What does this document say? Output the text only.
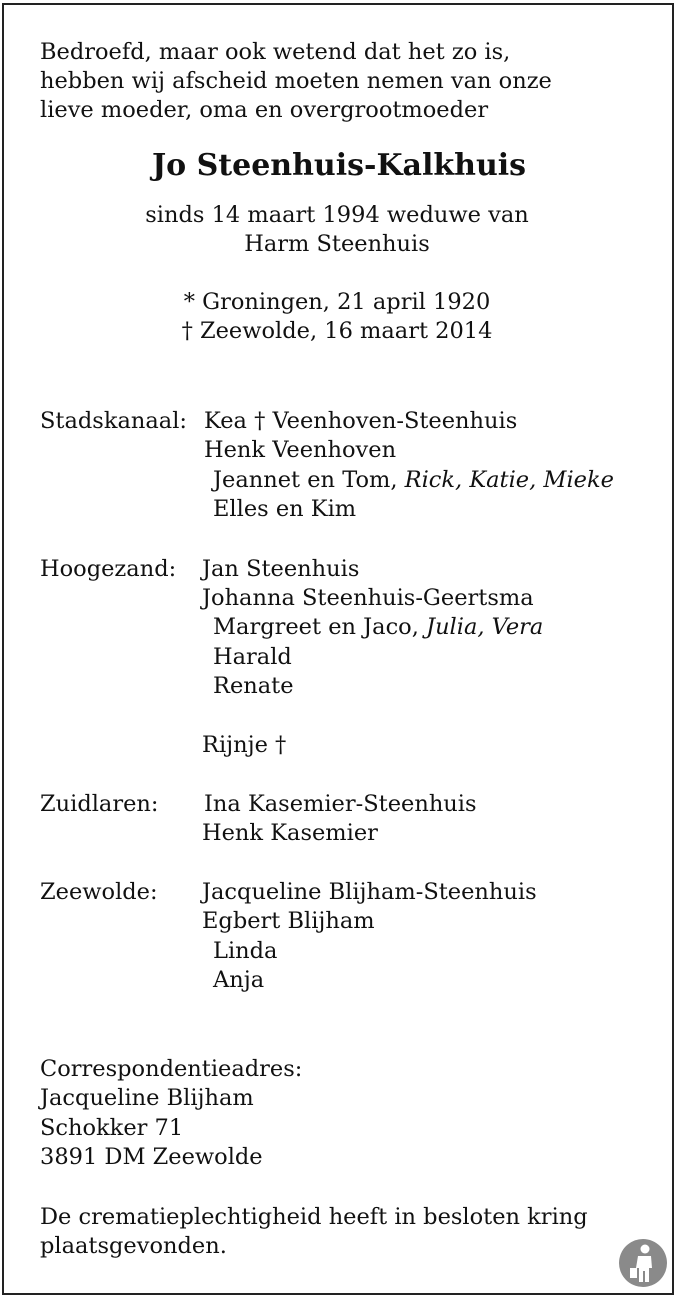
Bedroefd, maar ook wetend dat het zo is,
hebben wij afscheid moeten nemen van onze
lieve moeder, oma en overgrootmoeder
Jo Steenhuis-Kalkhuis
sinds 14 maart 1994 weduwe van
Harm Steenhuis
* Groningen, 21 april 1920
† Zeewolde, 16 maart 2014
Stadskanaal: Kea † Veenhoven-Steenhuis
Henk Veenhoven
Jeannet en Tom, Rick, Katie, Mieke
Elles en Kim
Hoogezand: Jan Steenhuis
Johanna Steenhuis-Geertsma
Margreet en Jaco, Julia, Vera
Harald
Renate
Rijnje †
Zuidlaren: Ina Kasemier-Steenhuis
Henk Kasemier
Zeewolde: Jacqueline Blijham-Steenhuis
Egbert Blijham
Linda
Anja
Correspondentieadres:
Jacqueline Blijham
Schokker 71
3891 DM Zeewolde
De crematieplechtigheid heeft in besloten kring
plaatsgevonden.
